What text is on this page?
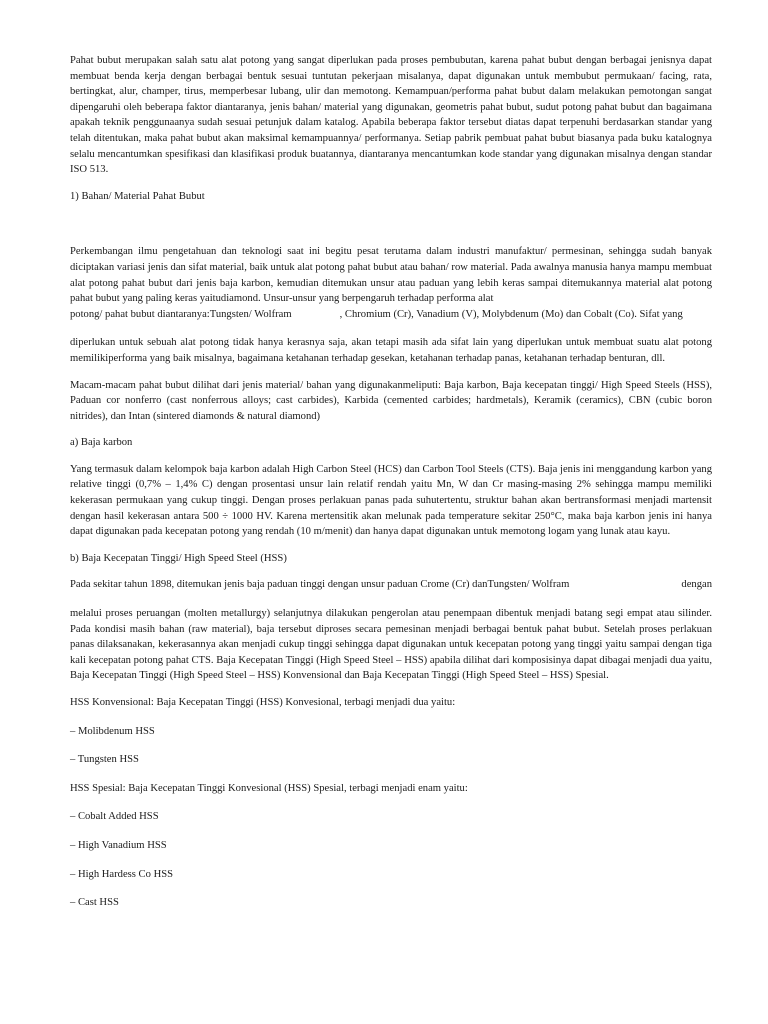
Pahat bubut merupakan salah satu alat potong yang sangat diperlukan pada proses pembubutan, karena pahat bubut dengan berbagai jenisnya dapat membuat benda kerja dengan berbagai bentuk sesuai tuntutan pekerjaan misalanya, dapat digunakan untuk membubut permukaan/ facing, rata, bertingkat, alur, champer, tirus, memperbesar lubang, ulir dan memotong. Kemampuan/performa pahat bubut dalam melakukan pemotongan sangat dipengaruhi oleh beberapa faktor diantaranya, jenis bahan/ material yang digunakan, geometris pahat bubut, sudut potong pahat bubut dan bagaimana apakah teknik penggunaanya sudah sesuai petunjuk dalam katalog. Apabila beberapa faktor tersebut diatas dapat terpenuhi berdasarkan standar yang telah ditentukan, maka pahat bubut akan maksimal kemampuannya/ performanya. Setiap pabrik pembuat pahat bubut biasanya pada buku katalognya selalu mencantumkan spesifikasi dan klasifikasi produk buatannya, diantaranya mencantumkan kode standar yang digunakan misalnya dengan standar ISO 513.

1) Bahan/ Material Pahat Bubut

Perkembangan ilmu pengetahuan dan teknologi saat ini begitu pesat terutama dalam industri manufaktur/ permesinan, sehingga sudah banyak diciptakan variasi jenis dan sifat material, baik untuk alat potong pahat bubut atau bahan/ row material. Pada awalnya manusia hanya mampu membuat alat potong pahat bubut dari jenis baja karbon, kemudian ditemukan unsur atau paduan yang lebih keras sampai ditemukannya material alat potong pahat bubut yang paling keras yaitudiamond. Unsur-unsur yang berpengaruh terhadap performa alat

potong/ pahat bubut diantaranya:Tungsten/ Wolfram	, Chromium (Cr), Vanadium (V), Molybdenum (Mo) dan Cobalt (Co). Sifat yang

diperlukan untuk sebuah alat potong tidak hanya kerasnya saja, akan tetapi masih ada sifat lain yang diperlukan untuk membuat suatu alat potong memilikiperforma yang baik misalnya, bagaimana ketahanan terhadap gesekan, ketahanan terhadap panas, ketahanan terhadap benturan, dll.

Macam-macam pahat bubut dilihat dari jenis material/ bahan yang digunakanmeliputi: Baja karbon, Baja kecepatan tinggi/ High Speed Steels (HSS), Paduan cor nonferro (cast nonferrous alloys; cast carbides), Karbida (cemented carbides; hardmetals), Keramik (ceramics), CBN (cubic boron nitrides), dan Intan (sintered diamonds & natural diamond)

a) Baja karbon

Yang termasuk dalam kelompok baja karbon adalah High Carbon Steel (HCS) dan Carbon Tool Steels (CTS). Baja jenis ini menggandung karbon yang relative tinggi (0,7% – 1,4% C) dengan prosentasi unsur lain relatif rendah yaitu Mn, W dan Cr masing-masing 2% sehingga mampu memiliki kekerasan permukaan yang cukup tinggi. Dengan proses perlakuan panas pada suhutertentu, struktur bahan akan bertransformasi menjadi martensit dengan hasil kekerasan antara 500 ÷ 1000 HV. Karena mertensitik akan melunak pada temperature sekitar 250°C, maka baja karbon jenis ini hanya dapat digunakan pada kecepatan potong yang rendah (10 m/menit) dan hanya dapat digunakan untuk memotong logam yang lunak atau kayu.

b) Baja Kecepatan Tinggi/ High Speed Steel (HSS)

Pada sekitar tahun 1898, ditemukan jenis baja paduan tinggi dengan unsur paduan Crome (Cr) danTungsten/ Wolfram	dengan

melalui proses peruangan (molten metallurgy) selanjutnya dilakukan pengerolan atau penempaan dibentuk menjadi batang segi empat atau silinder. Pada kondisi masih bahan (raw material), baja tersebut diproses secara pemesinan menjadi berbagai bentuk pahat bubut. Setelah proses perlakuan panas dilaksanakan, kekerasannya akan menjadi cukup tinggi sehingga dapat digunakan untuk kecepatan potong yang tinggi yaitu sampai dengan tiga kali kecepatan potong pahat CTS. Baja Kecepatan Tinggi (High Speed Steel – HSS) apabila dilihat dari komposisinya dapat dibagai menjadi dua yaitu, Baja Kecepatan Tinggi (High Speed Steel – HSS) Konvensional dan Baja Kecepatan Tinggi (High Speed Steel – HSS) Spesial.

HSS Konvensional: Baja Kecepatan Tinggi (HSS) Konvesional, terbagi menjadi dua yaitu:

– Molibdenum HSS

– Tungsten HSS

HSS Spesial: Baja Kecepatan Tinggi Konvesional (HSS) Spesial, terbagi menjadi enam yaitu:

– Cobalt Added HSS

– High Vanadium HSS

– High Hardess Co HSS

– Cast HSS
